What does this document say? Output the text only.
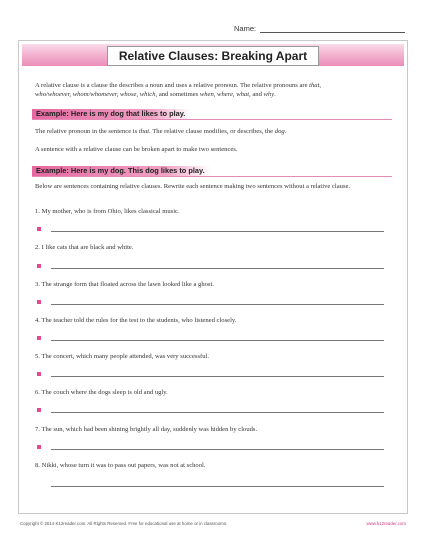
Name:
Relative Clauses: Breaking Apart
A relative clause is a clause the describes a noun and uses a relative pronoun. The relative pronouns are that,
who/whoever, whom/whomever, whose, which, and sometimes when, where, what, and why.
Example: Here is my dog that likes to play.
The relative pronoun in the sentence is that. The relative clause modifies, or describes, the dog.
A sentence with a relative clause can be broken apart to make two sentences.
Example: Here is my dog. This dog likes to play.
Below are sentences containing relative clauses. Rewrite each sentence making two sentences without a relative clause.
1. My mother, who is from Ohio, likes classical music.
2. I like cats that are black and white.
3. The strange form that floated across the lawn looked like a ghost.
4. The teacher told the rules for the test to the students, who listened closely.
5. The concert, which many people attended, was very successful.
6. The couch where the dogs sleep is old and ugly.
7. The sun, which had been shining brightly all day, suddenly was hidden by clouds.
8. Nikki, whose turn it was to pass out papers, was not at school.
Copyright © 2014 K12reader.com. All Rights Reserved. Free for educational use at home or in classrooms.	www.k12reader.com
